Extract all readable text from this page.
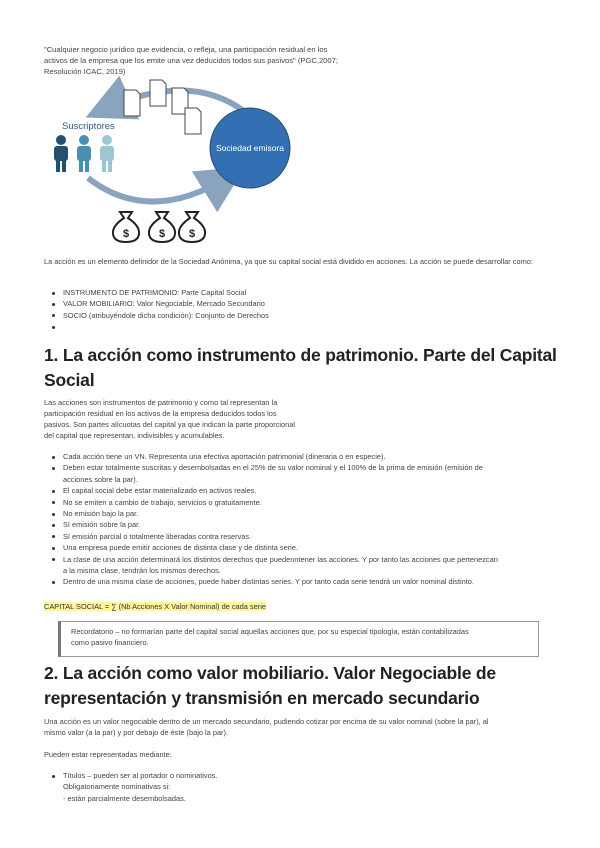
"Cualquier negocio jurídico que evidencia, o refleja, una participación residual en los activos de la empresa que los emite una vez deducidos todos sus pasivos" (PGC,2007; Resolución ICAC, 2019)
Suscriptores
Sociedad emisora
$	$ $
La acción es un elemento definidor de la Sociedad Anónima, ya que su capital social está dividido en acciones. La acción se puede desarrollar como:
INSTRUMENTO DE PATRIMONIO: Parte Capital Social
VALOR MOBILIARIO: Valor Negociable, Mercado Secundario
SOCIO (atribuyéndole dicha condición): Conjunto de Derechos
1. La acción como instrumento de patrimonio. Parte del Capital
Social
Las acciones son instrumentos de patrimonio y como tal representan la
participación residual en los activos de la empresa deducidos todos los
pasivos. Son partes alícuotas del capital ya que indican la parte proporcional
del capital que representan, indivisibles y acumulables.
Cada acción tiene un VN. Representa una efectiva aportación patrimonial (dineraria o en especie).
Deben estar totalmente suscritas y desembolsadas en el 25% de su valor nominal y el 100% de la prima de emisión (emisión de
acciones sobre la par).
El capital social debe estar materializado en activos reales.
No se emiten a cambio de trabajo, servicios o gratuitamente.
No emisión bajo la par.
Sí emisión sobre la par.
Sí emisión parcial o totalmente liberadas contra reservas.
Una empresa puede emitir acciones de distinta clase y de distinta serie.
La clase de una acción determinará los distintos derechos que puedenntener las acciones. Y por tanto las acciones que pertenezcan
a la misma clase, tendrán los mismos derechos.
Dentro de una misma clase de acciones, puede haber distintas series. Y por tanto cada serie tendrá un valor nominal distinto.
CAPITAL SOCIAL = ∑ (Nb Acciones X Valor Nominal) de cada serie
Recordatorio – no formarían parte del capital social aquellas acciones que, por su especial tipología, están contabilizadas
como pasivo financiero.
2. La acción como valor mobiliario. Valor Negociable de
representación y transmisión en mercado secundario
Una acción es un valor negociable dentro de un mercado secundario, pudiendo cotizar por encima de su valor nominal (sobre la par), al
mismo valor (a la par) y por debajo de éste (bajo la par).
Pueden estar representadas mediante:
Títulos – pueden ser al portador o nominativos.
Obligatoriamente nominativas si:
- están parcialmente desembolsadas.
